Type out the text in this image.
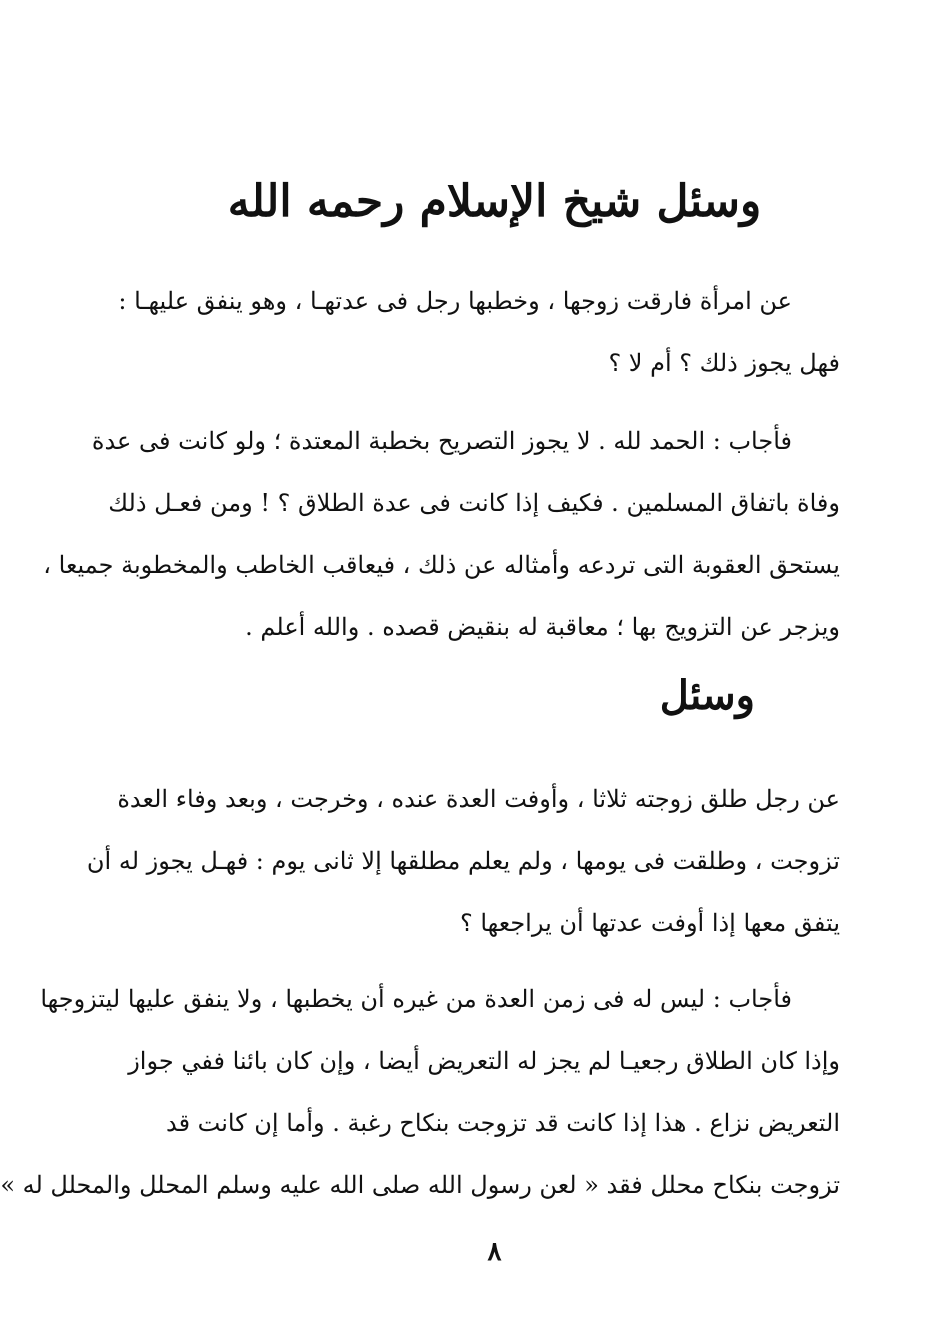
وسئل شيخ الإسلام رحمه الله
عن امرأة فارقت زوجها ، وخطبها رجل فى عدتهـا ، وهو ينفق عليهـا :
فهل يجوز ذلك ؟ أم لا ؟
فأجاب : الحمد لله . لا يجوز التصريح بخطبة المعتدة ؛ ولو كانت فى عدة
وفاة باتفاق المسلمين . فكيف إذا كانت فى عدة الطلاق ؟ ! ومن فعـل ذلك
يستحق العقوبة التى تردعه وأمثاله عن ذلك ، فيعاقب الخاطب والمخطوبة جميعا ،
ويزجر عن التزويج بها ؛ معاقبة له بنقيض قصده . والله أعلم .
وسئل
عن رجل طلق زوجته ثلاثا ، وأوفت العدة عنده ، وخرجت ، وبعد وفاء العدة
تزوجت ، وطلقت فى يومها ، ولم يعلم مطلقها إلا ثانى يوم : فهـل يجوز له أن
يتفق معها إذا أوفت عدتها أن يراجعها ؟
فأجاب : ليس له فى زمن العدة من غيره أن يخطبها ، ولا ينفق عليها ليتزوجها
وإذا كان الطلاق رجعيـا لم يجز له التعريض أيضا ، وإن كان بائنا ففي جواز
التعريض نزاع . هذا إذا كانت قد تزوجت بنكاح رغبة . وأما إن كانت قد
تزوجت بنكاح محلل فقد « لعن رسول الله صلى الله عليه وسلم المحلل والمحلل له »
٨
